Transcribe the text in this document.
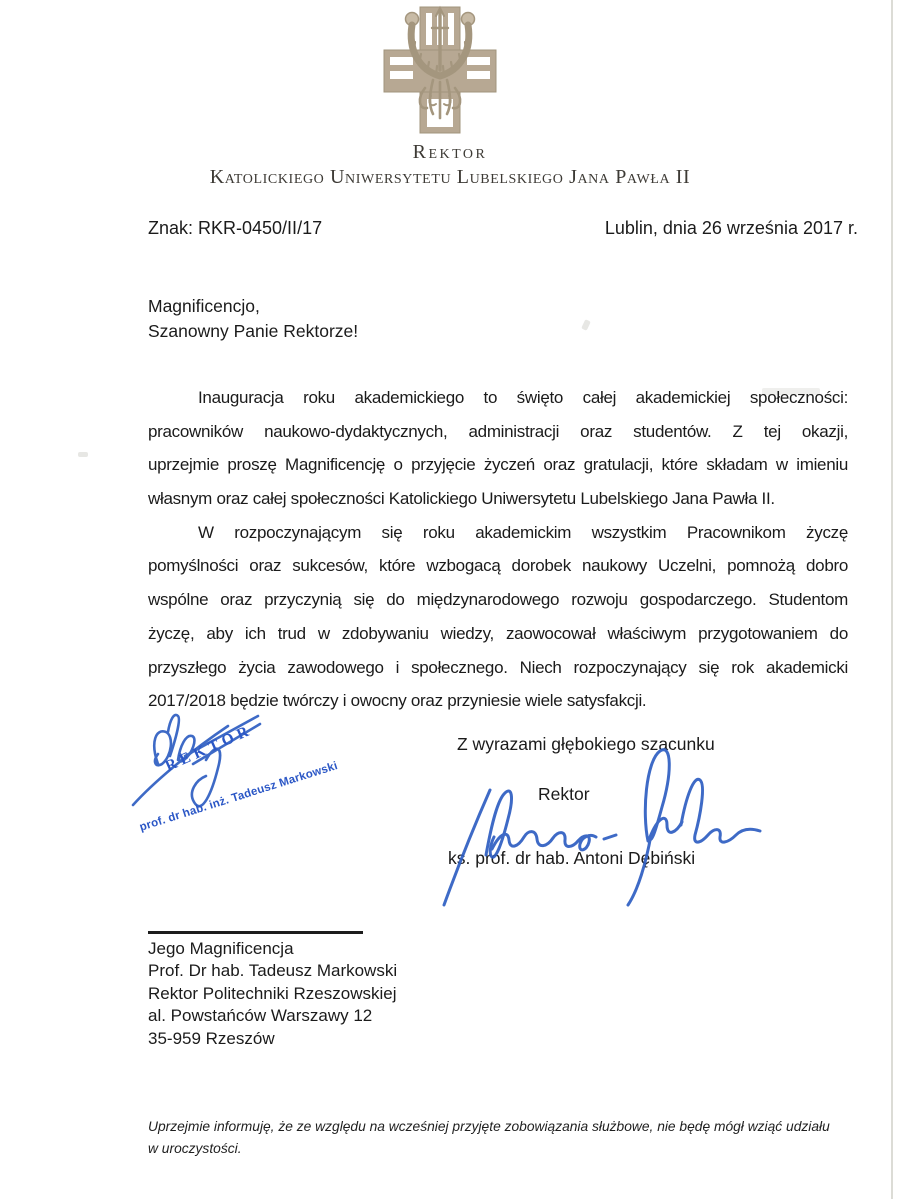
Rektor
Katolickiego Uniwersytetu Lubelskiego Jana Pawła II
Znak: RKR-0450/II/17	Lublin, dnia 26 września 2017 r.
Magnificencjo,
Szanowny Panie Rektorze!
Inauguracja roku akademickiego to święto całej akademickiej społeczności:
pracowników naukowo-dydaktycznych, administracji oraz studentów. Z tej okazji,
uprzejmie proszę Magnificencję o przyjęcie życzeń oraz gratulacji, które składam w imieniu
własnym oraz całej społeczności Katolickiego Uniwersytetu Lubelskiego Jana Pawła II.
W rozpoczynającym się roku akademickim wszystkim Pracownikom życzę
pomyślności oraz sukcesów, które wzbogacą dorobek naukowy Uczelni, pomnożą dobro
wspólne oraz przyczynią się do międzynarodowego rozwoju gospodarczego. Studentom
życzę, aby ich trud w zdobywaniu wiedzy, zaowocował właściwym przygotowaniem do
przyszłego życia zawodowego i społecznego. Niech rozpoczynający się rok akademicki
2017/2018 będzie twórczy i owocny oraz przyniesie wiele satysfakcji.
Z wyrazami głębokiego szacunku
Rektor
ks. prof. dr hab. Antoni Dębiński
REKTOR
prof. dr hab. inż. Tadeusz Markowski
Jego Magnificencja
Prof. Dr hab. Tadeusz Markowski
Rektor Politechniki Rzeszowskiej
al. Powstańców Warszawy 12
35-959 Rzeszów
Uprzejmie informuję, że ze względu na wcześniej przyjęte zobowiązania służbowe, nie będę mógł wziąć udziału
w uroczystości.
